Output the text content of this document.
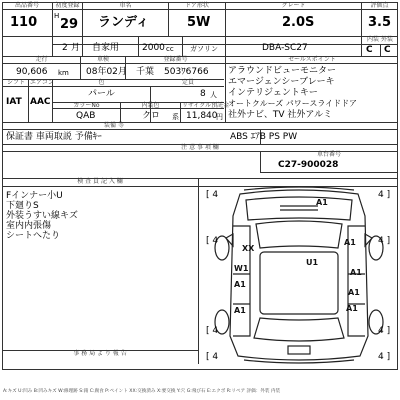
出品番号	初度登録	車名	ドア形状	グレード	評価点
110 H
29 ランディ	5W	2.0S	3.5
2 月 自家用	2000 cc ガソリン	DBA-SC27
内装 外装
C C
走行	車検	登録番号	セールスポイント
90,606 km 08年02月 千葉 503ﾜ6766
シフト エアコン	色	定員
IAT AAC
パール	8 人
カラーNo	内装色	リサイクル預託金
QAB	クロ 系 11,840
円
アラウンドビューモニター
エマージェンシーブレーキ
インテリジェントキー
オートクルーズ パワースライドドア
社外ナビ、TV 社外アルミ
装備 等
保証書 車両取説 予備ｷｰ	ABS ｴｱB PS PW
注 意 事 項 欄
車台番号
C27-900028
検 査 員 記 入 欄
Fインナー小U
下廻りS
外装うすい線キズ
室内内張傷
シートへたり
事 務 局 よ り 報 告
A1
XX
U1
A1
W1
A1
A1
A1
A1	A1
[ 4	4 ]
[ 4	4 ]
[ 4	4 ]
[ 4	4 ]
A:キズ U:凹み B:凹みキズ W:修理跡 S:錆 C:腐食 P:ペイント XX:交換済み X:要交換 Y:穴 G:飛び石 E:エクボ R:リペア 評価：外装 内装
